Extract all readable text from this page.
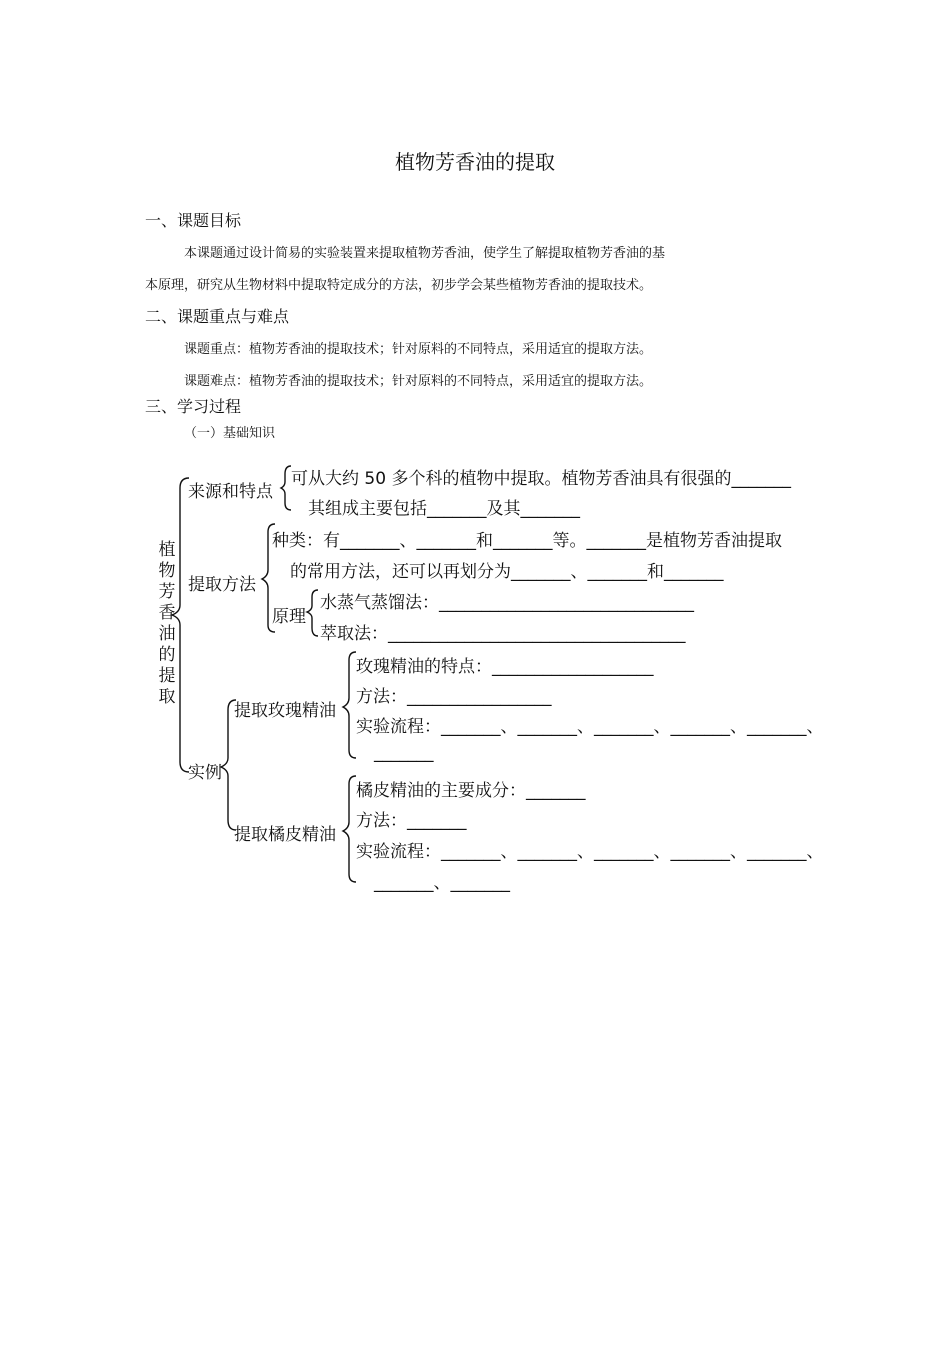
植物芳香油的提取
一、课题目标
本课题通过设计简易的实验装置来提取植物芳香油，使学生了解提取植物芳香油的基
本原理，研究从生物材料中提取特定成分的方法，初步学会某些植物芳香油的提取技术。
二、课题重点与难点
课题重点：植物芳香油的提取技术；针对原料的不同特点，采用适宜的提取方法。
课题难点：植物芳香油的提取技术；针对原料的不同特点，采用适宜的提取方法。
三、学习过程
（一）基础知识
植物芳香油的提取
来源和特点
可从大约 50 多个科的植物中提取。植物芳香油具有很强的_______
其组成主要包括_______及其_______
提取方法
种类：有_______、_______和_______等。_______是植物芳香油提取
的常用方法，还可以再划分为_______、_______和_______
原理
水蒸气蒸馏法：______________________________
萃取法：___________________________________
实例
提取玫瑰精油
玫瑰精油的特点：___________________
方法：_________________
实验流程：_______、_______、_______、_______、_______、
_______
提取橘皮精油
橘皮精油的主要成分：_______
方法：_______
实验流程：_______、_______、_______、_______、_______、
_______、_______
